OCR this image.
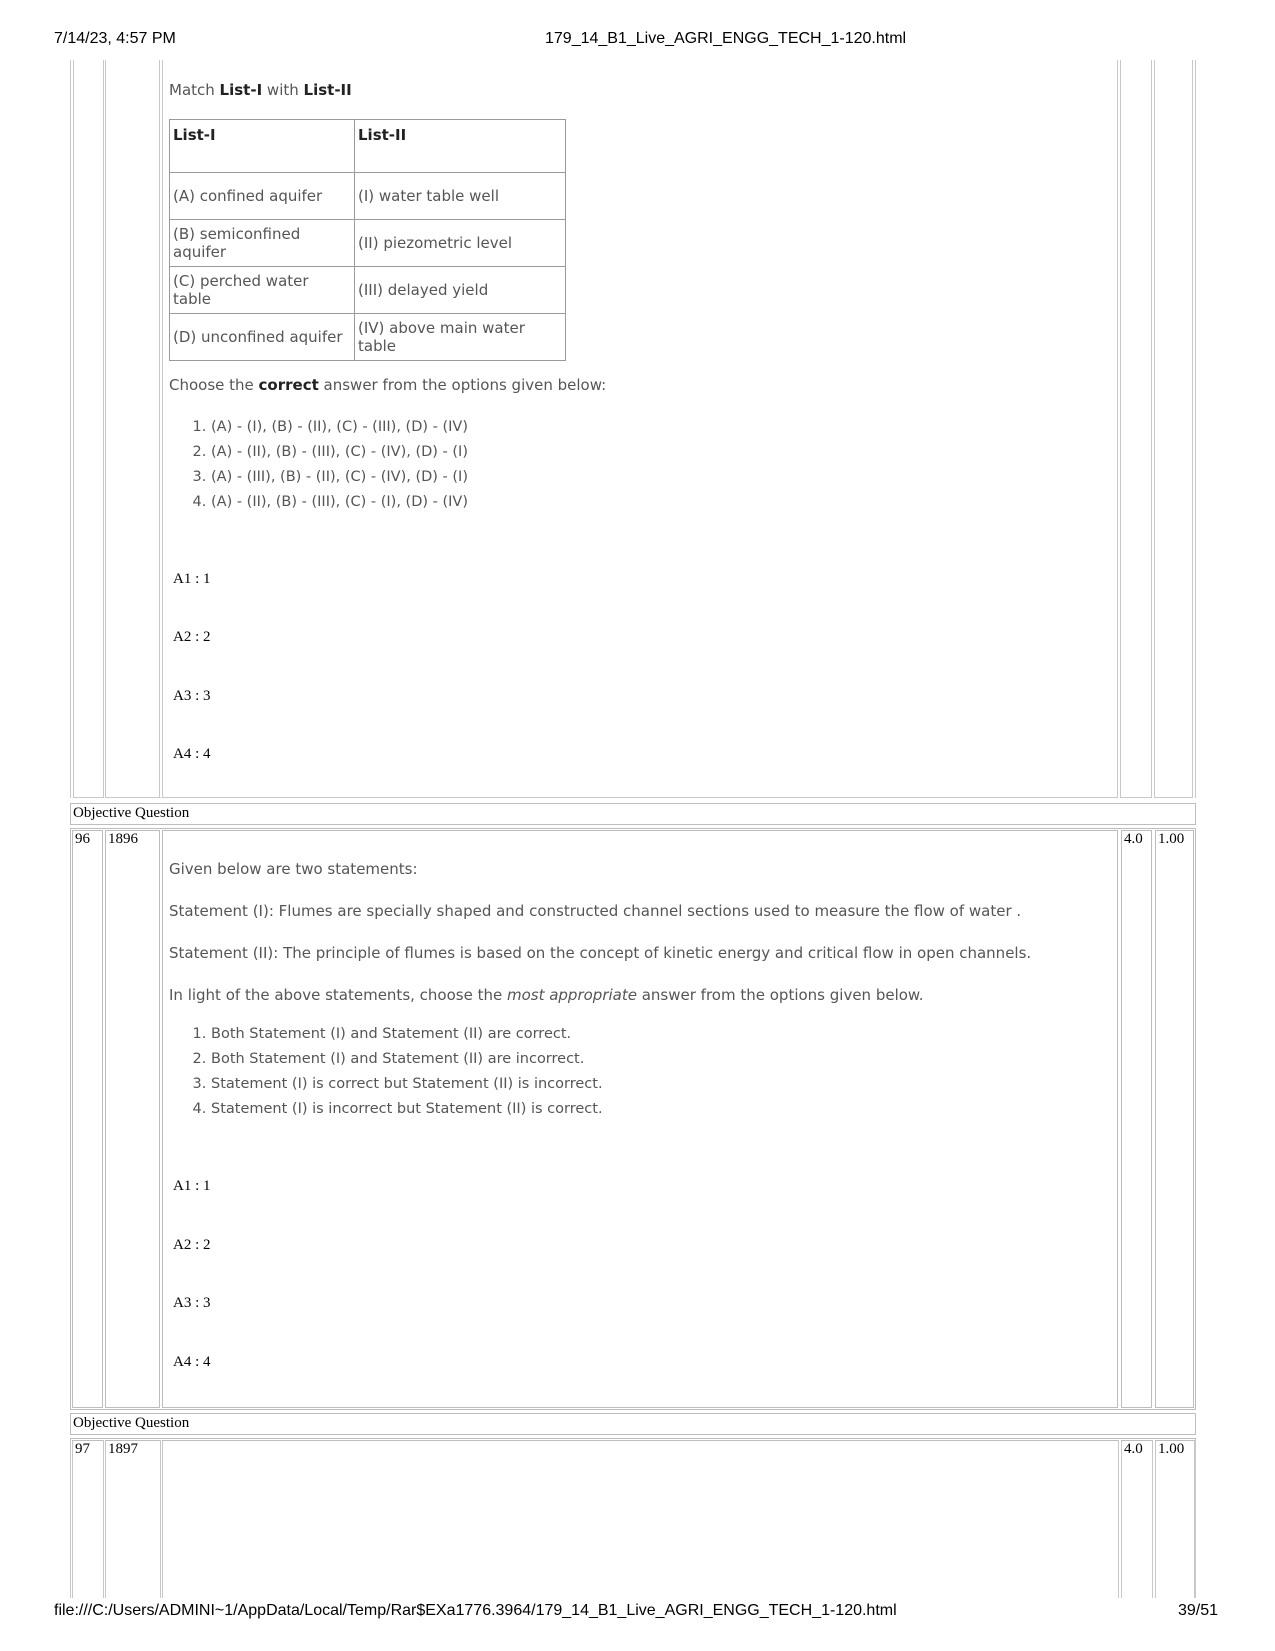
7/14/23, 4:57 PM	179_14_B1_Live_AGRI_ENGG_TECH_1-120.html
file:///C:/Users/ADMINI~1/AppData/Local/Temp/Rar$EXa1776.3964/179_14_B1_Live_AGRI_ENGG_TECH_1-120.html	39/51
Match List-I with List-II
List-I	List-II
(A) confined aquifer	(I) water table well
(B) semiconfined aquifer	(II) piezometric level
(C) perched water table	(III) delayed yield
(D) unconfined aquifer	(IV) above main water table
Choose the correct answer from the options given below:
1. (A) - (I), (B) - (II), (C) - (III), (D) - (IV)
2. (A) - (II), (B) - (III), (C) - (IV), (D) - (I)
3. (A) - (III), (B) - (II), (C) - (IV), (D) - (I)
4. (A) - (II), (B) - (III), (C) - (I), (D) - (IV)
A1 : 1
A2 : 2
A3 : 3
A4 : 4
Objective Question
96 1896	4.0 1.00
Given below are two statements:
Statement (I): Flumes are specially shaped and constructed channel sections used to measure the flow of water .
Statement (II): The principle of flumes is based on the concept of kinetic energy and critical flow in open channels.
In light of the above statements, choose the most appropriate answer from the options given below.
1. Both Statement (I) and Statement (II) are correct.
2. Both Statement (I) and Statement (II) are incorrect.
3. Statement (I) is correct but Statement (II) is incorrect.
4. Statement (I) is incorrect but Statement (II) is correct.
A1 : 1
A2 : 2
A3 : 3
A4 : 4
Objective Question
97 1897	4.0 1.00
